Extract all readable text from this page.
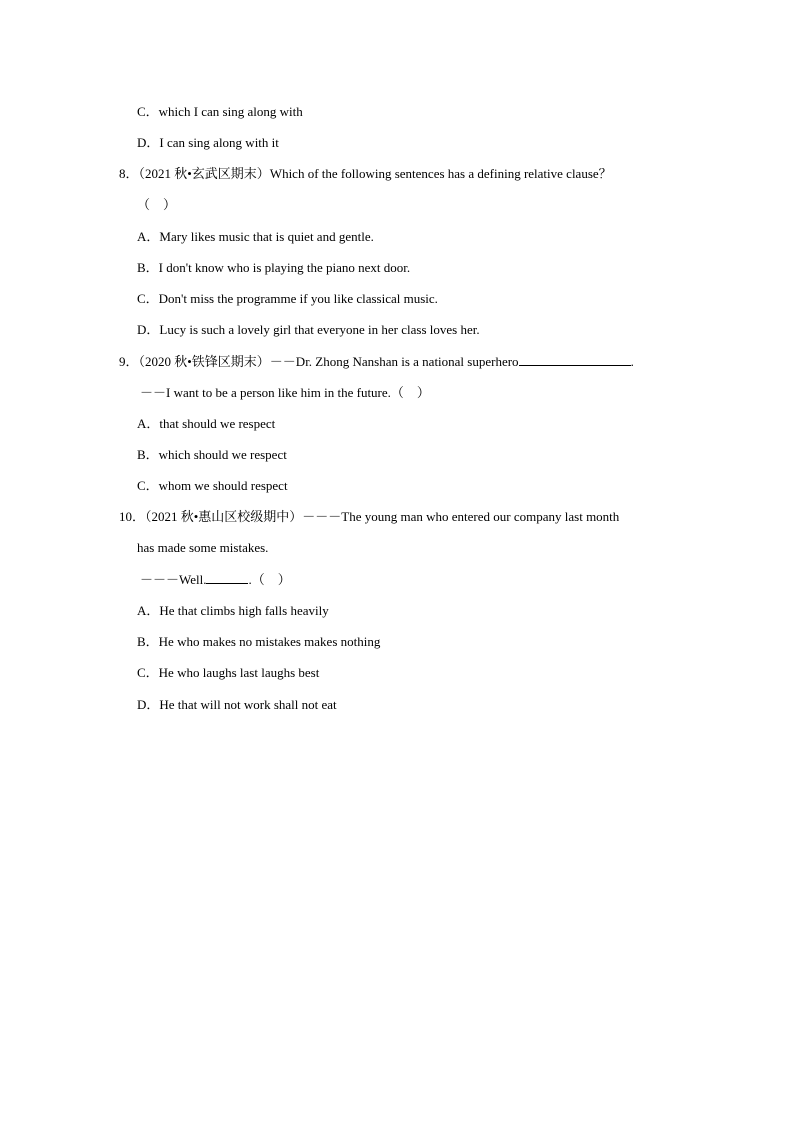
C．which I can sing along with
D．I can sing along with it
8．（2021 秋•玄武区期末）Which of the following sentences has a defining relative clause？
（　）
A．Mary likes music that is quiet and gentle.
B．I don't know who is playing the piano next door.
C．Don't miss the programme if you like classical music.
D．Lucy is such a lovely girl that everyone in her class loves her.
9．（2020 秋•铁锋区期末）－－Dr. Zhong Nanshan is a national superhero	.
－－I want to be a person like him in the future.（　）
A．that should we respect
B．which should we respect
C．whom we should respect
10．（2021 秋•惠山区校级期中）－－－The young man who entered our company last month
has made some mistakes.
－－－Well.	.（　）
A．He that climbs high falls heavily
B．He who makes no mistakes makes nothing
C．He who laughs last laughs best
D．He that will not work shall not eat
